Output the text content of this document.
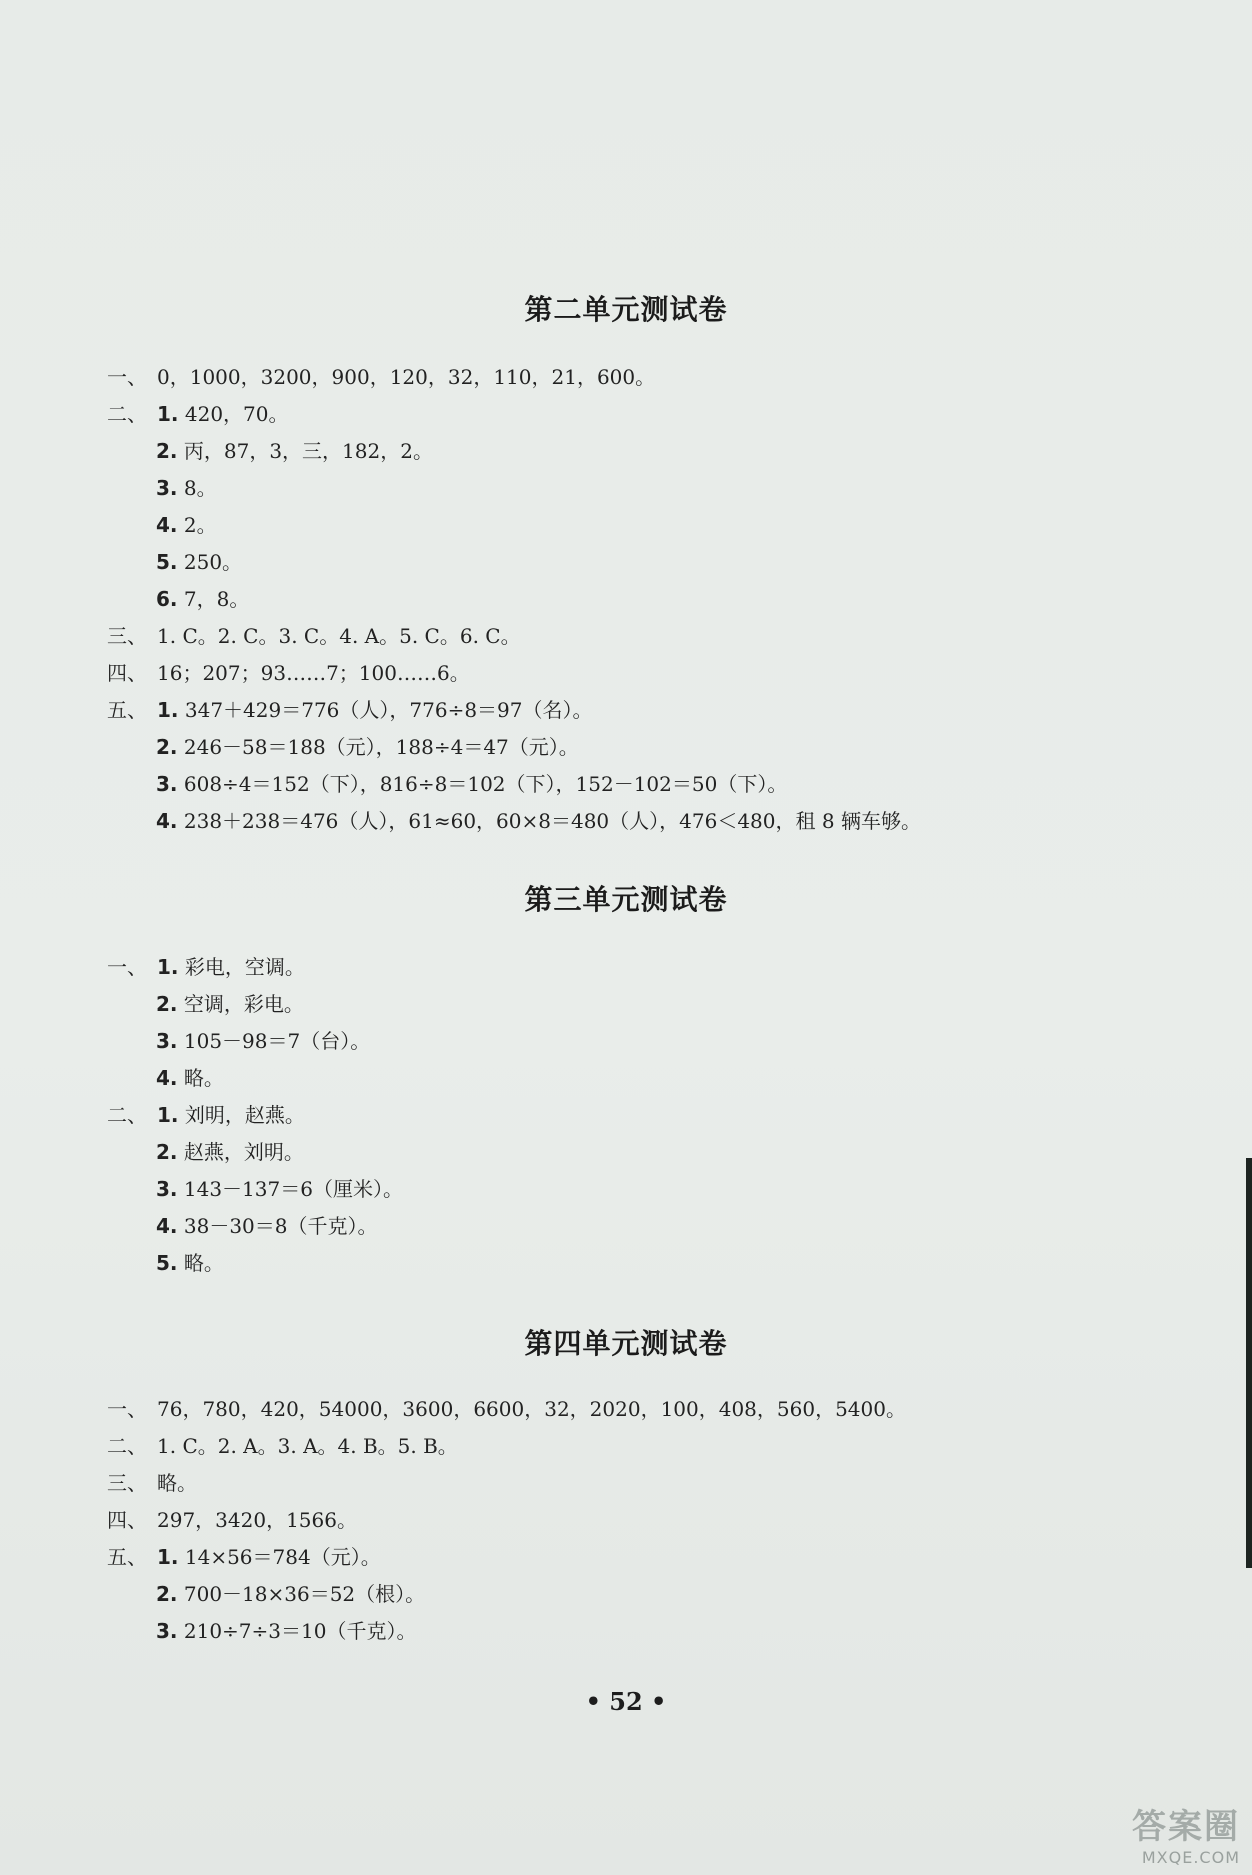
第二单元测试卷
一、 0，1000，3200，900，120，32，110，21，600。
二、 1. 420，70。
2. 丙，87，3，三，182，2。
3. 8。
4. 2。
5. 250。
6. 7，8。
三、 1. C。2. C。3. C。4. A。5. C。6. C。
四、 16；207；93……7；100……6。
五、 1. 347＋429＝776（人），776÷8＝97（名）。
2. 246－58＝188（元），188÷4＝47（元）。
3. 608÷4＝152（下），816÷8＝102（下），152－102＝50（下）。
4. 238＋238＝476（人），61≈60，60×8＝480（人），476＜480，租 8 辆车够。
第三单元测试卷
一、 1. 彩电，空调。
2. 空调，彩电。
3. 105－98＝7（台）。
4. 略。
二、 1. 刘明，赵燕。
2. 赵燕，刘明。
3. 143－137＝6（厘米）。
4. 38－30＝8（千克）。
5. 略。
第四单元测试卷
一、 76，780，420，54000，3600，6600，32，2020，100，408，560，5400。
二、 1. C。2. A。3. A。4. B。5. B。
三、 略。
四、 297，3420，1566。
五、 1. 14×56＝784（元）。
2. 700－18×36＝52（根）。
3. 210÷7÷3＝10（千克）。
• 52 •
答案圈
MXQE.COM
